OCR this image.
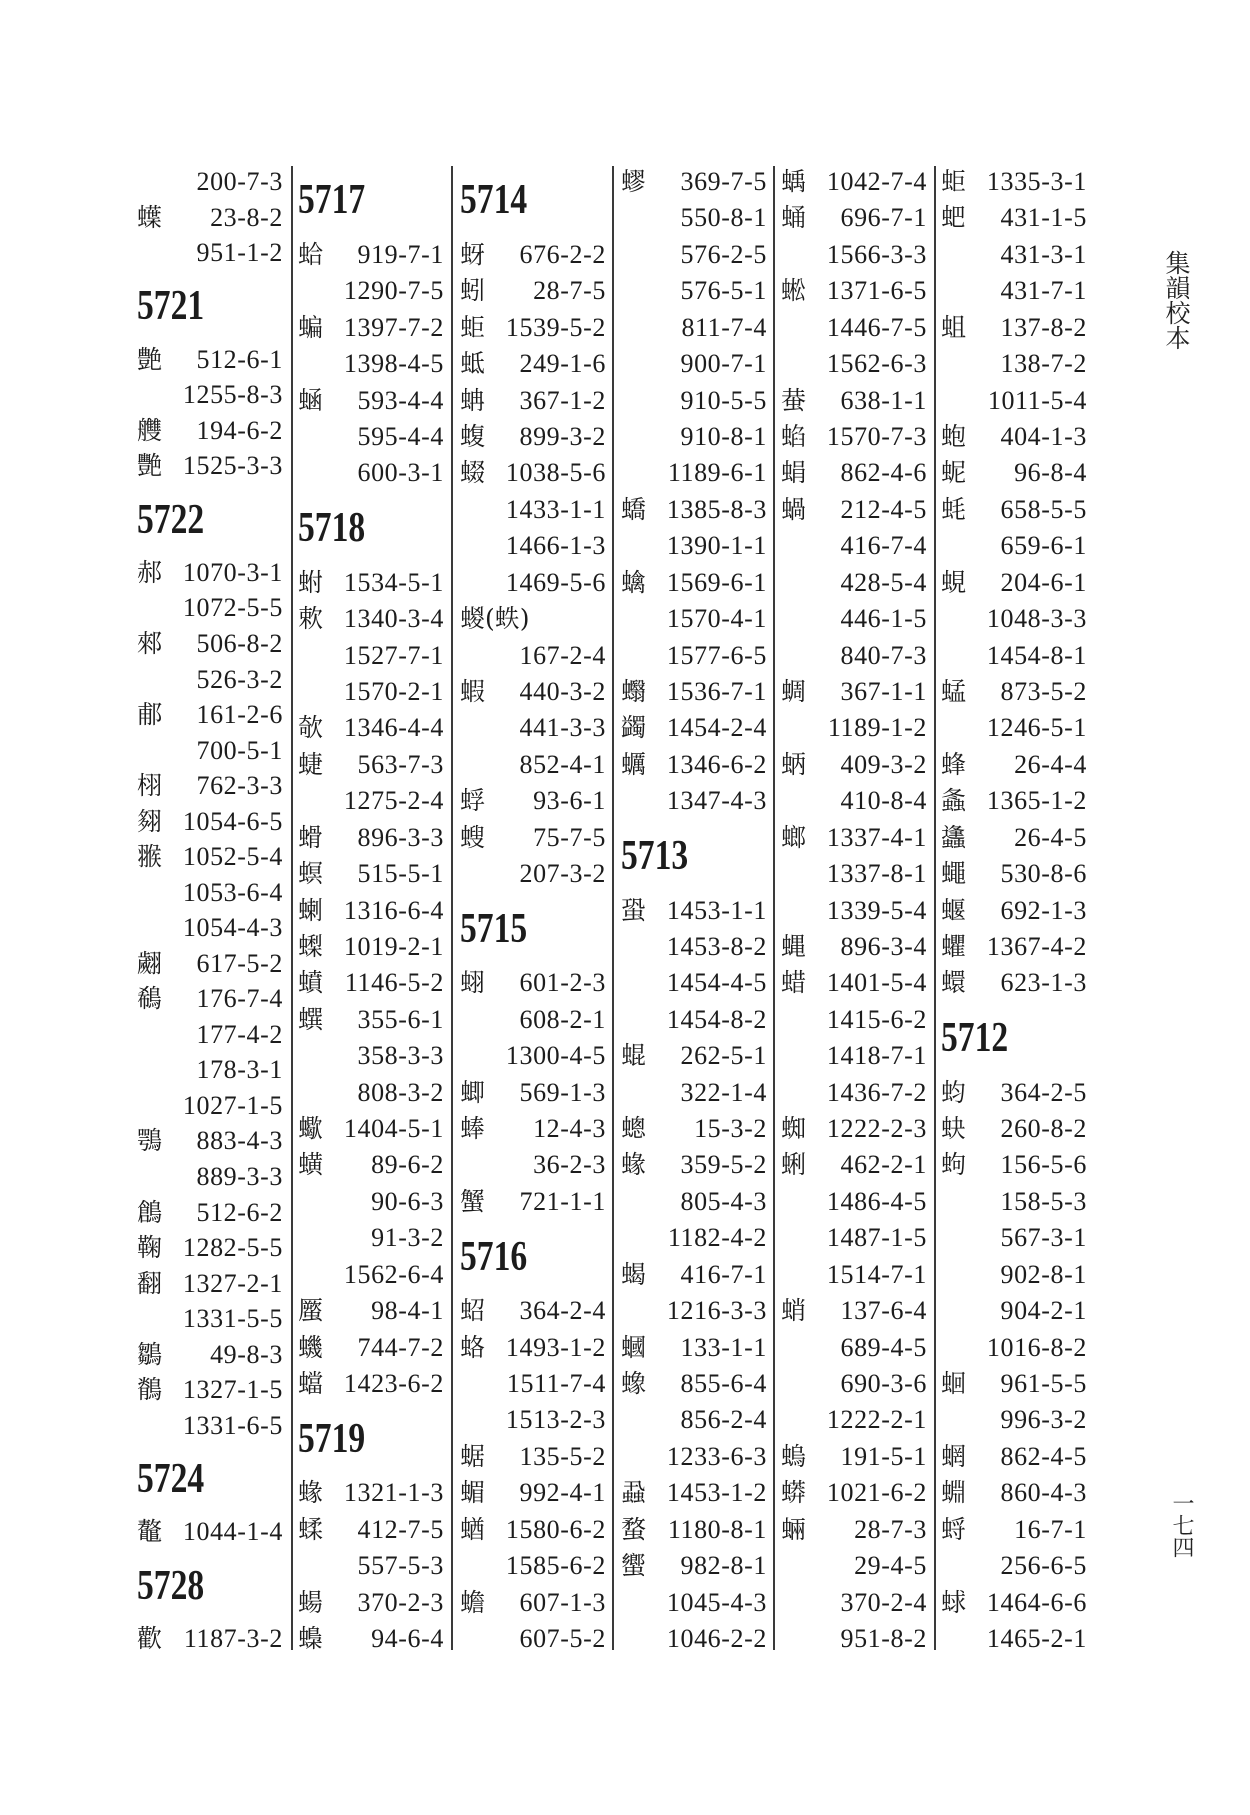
集韻校本
一七四
200-7-3
蠂 23-8-2
951-1-2
5721
艶 512-6-1
1255-8-3
艭 194-6-2
艷 1525-3-3
5722
郝 1070-3-1
1072-5-5
郲 506-8-2
526-3-2
郙 161-2-6
700-5-1
栩 762-3-3
翗 1054-6-5
翭 1052-5-4
1053-6-4
1054-4-3
翽 617-5-2
鵗 176-7-4
177-4-2
178-3-1
1027-1-5
鶚 883-4-3
889-3-3
鶬 512-6-2
鞠 1282-5-5
翻 1327-2-1
1331-5-5
鶵 49-8-3
鶺 1327-1-5
1331-6-5
5724
鼇 1044-1-4
5728
歡 1187-3-2
5717
蛤 919-7-1
1290-7-5
蝙 1397-7-2
1398-4-5
蜬 593-4-4
595-4-4
600-3-1
5718
蚹 1534-5-1
欶 1340-3-4
1527-7-1
1570-2-1
欹 1346-4-4
蜨 563-7-3
1275-2-4
螖 896-3-3
螟 515-5-1
蝲 1316-6-4
蟍 1019-2-1
蟦 1146-5-2
蟤 355-6-1
358-3-3
808-3-2
蠍 1404-5-1
蟥 89-6-2
90-6-3
91-3-2
1562-6-4
蟨 98-4-1
蟣 744-7-2
蟷 1423-6-2
5719
蝝 1321-1-3
蝚 412-7-5
557-5-3
蝪 370-2-3
蟂 94-6-4
5714
蚜 676-2-2
蚓 28-7-5
蚷 1539-5-2
蚳 249-1-6
蚺 367-1-2
蝮 899-3-2
蝃 1038-5-6
1433-1-1
1466-1-3
1469-5-6
蝬(蛈)
167-2-4
蝦 440-3-2
441-3-3
852-4-1
蜉 93-6-1
螋 75-7-5
207-3-2
5715
蛡 601-2-3
608-2-1
1300-4-5
蝍 569-1-3
蜯 12-4-3
36-2-3
蟹 721-1-1
5716
蛁 364-2-4
蛒 1493-1-2
1511-7-4
1513-2-3
蜛 135-5-2
蝞 992-4-1
蝤 1580-6-2
1585-6-2
蟾 607-1-3
607-5-2
蟉 369-7-5
550-8-1
576-2-5
576-5-1
811-7-4
900-7-1
910-5-5
910-8-1
1189-6-1
蟜 1385-8-3
1390-1-1
蠄 1569-6-1
1570-4-1
1577-6-5
蠮 1536-7-1
蠲 1454-2-4
蠣 1346-6-2
1347-4-3
5713
蛩 1453-1-1
1453-8-2
1454-4-5
1454-8-2
蜫 262-5-1
322-1-4
蟌 15-3-2
蝝 359-5-2
805-4-3
1182-4-2
蝎 416-7-1
1216-3-3
蟈 133-1-1
蟓 855-6-4
856-2-4
1233-6-3
蝨 1453-1-2
蝥 1180-8-1
蠁 982-8-1
1045-4-3
1046-2-2
蝺 1042-7-4
蛹 696-7-1
1566-3-3
蜙 1371-6-5
1446-7-5
1562-6-3
蛬 638-1-1
蜭 1570-7-3
蜎 862-4-6
蝸 212-4-5
416-7-4
428-5-4
446-1-5
840-7-3
蜩 367-1-1
1189-1-2
蛃 409-3-2
410-8-4
螂 1337-4-1
1337-8-1
1339-5-4
蝿 896-3-4
蜡 1401-5-4
1415-6-2
1418-7-1
1436-7-2
蜘 1222-2-3
蜊 462-2-1
1486-4-5
1487-1-5
1514-7-1
蛸 137-6-4
689-4-5
690-3-6
1222-2-1
螐 191-5-1
蟒 1021-6-2
蜽 28-7-3
29-4-5
370-2-4
951-8-2
蚷 1335-3-1
蚆 431-1-5
431-3-1
431-7-1
蛆 137-8-2
138-7-2
1011-5-4
蚫 404-1-3
蚭 96-8-4
蚝 658-5-5
659-6-1
蜆 204-6-1
1048-3-3
1454-8-1
蜢 873-5-2
1246-5-1
蜂 26-4-4
螽 1365-1-2
蠭 26-4-5
蠅 530-8-6
蝘 692-1-3
蠷 1367-4-2
蠉 623-1-3
5712
蚐 364-2-5
蚗 260-8-2
蚼 156-5-6
158-5-3
567-3-1
902-8-1
904-2-1
1016-8-2
蛔 961-5-5
996-3-2
蝄 862-4-5
蜵 860-4-3
蛶 16-7-1
256-6-5
蛷 1464-6-6
1465-2-1
